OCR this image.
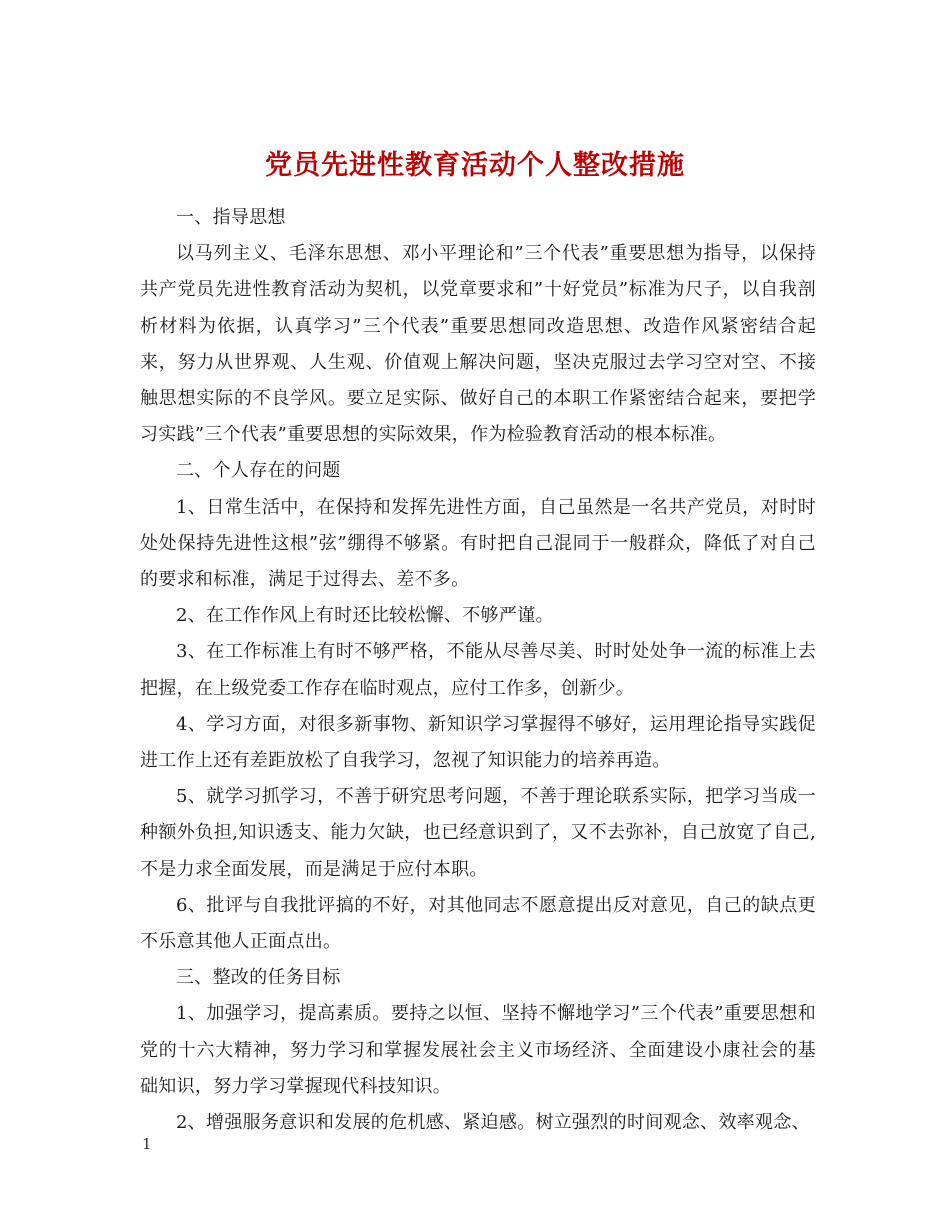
党员先进性教育活动个人整改措施

一、指导思想

以马列主义、毛泽东思想、邓小平理论和”三个代表”重要思想为指导，以保持共产党员先进性教育活动为契机，以党章要求和”十好党员”标准为尺子，以自我剖析材料为依据，认真学习”三个代表”重要思想同改造思想、改造作风紧密结合起来，努力从世界观、人生观、价值观上解决问题，坚决克服过去学习空对空、不接触思想实际的不良学风。要立足实际、做好自己的本职工作紧密结合起来，要把学习实践”三个代表”重要思想的实际效果，作为检验教育活动的根本标准。

二、个人存在的问题

1、日常生活中，在保持和发挥先进性方面，自己虽然是一名共产党员，对时时处处保持先进性这根”弦”绷得不够紧。有时把自己混同于一般群众，降低了对自己的要求和标准，满足于过得去、差不多。

2、在工作作风上有时还比较松懈、不够严谨。

3、在工作标准上有时不够严格，不能从尽善尽美、时时处处争一流的标准上去把握，在上级党委工作存在临时观点，应付工作多，创新少。

4、学习方面，对很多新事物、新知识学习掌握得不够好，运用理论指导实践促进工作上还有差距放松了自我学习，忽视了知识能力的培养再造。

5、就学习抓学习，不善于研究思考问题，不善于理论联系实际，把学习当成一种额外负担,知识透支、能力欠缺，也已经意识到了，又不去弥补，自己放宽了自己,不是力求全面发展，而是满足于应付本职。

6、批评与自我批评搞的不好，对其他同志不愿意提出反对意见，自己的缺点更不乐意其他人正面点出。

三、整改的任务目标

1、加强学习，提高素质。要持之以恒、坚持不懈地学习”三个代表”重要思想和党的十六大精神，努力学习和掌握发展社会主义市场经济、全面建设小康社会的基础知识，努力学习掌握现代科技知识。

2、增强服务意识和发展的危机感、紧迫感。树立强烈的时间观念、效率观念、

1
